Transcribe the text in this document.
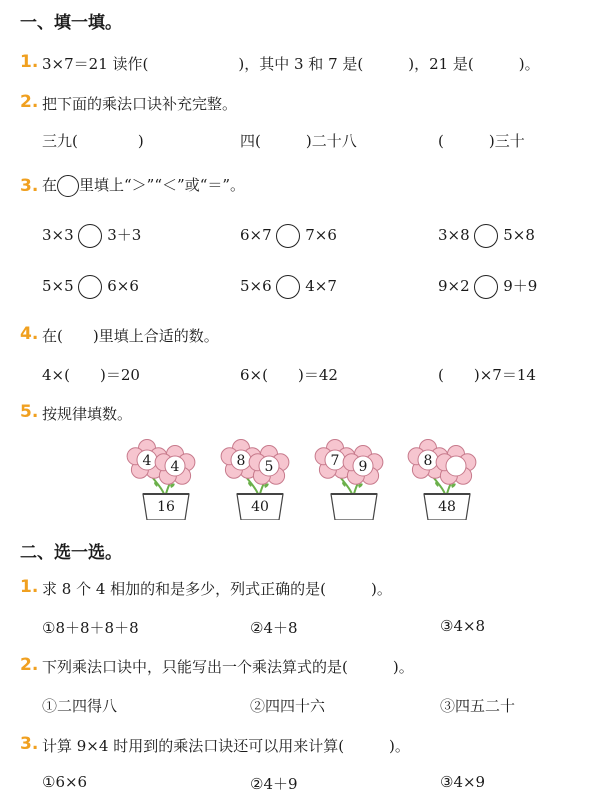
一、填一填。
1. 3×7＝21 读作(　　　　　　)，其中 3 和 7 是(　　　)，21 是(　　　)。
2. 把下面的乘法口诀补充完整。
三九(　　　　)	四(　　　)二十八	(　　　)三十
3. 在 里填上“＞”“＜”或“＝”。
3×3 3＋3	6×7 7×6	3×8 5×8
5×5 6×6	5×6 4×7	9×2 9＋9
4. 在(　　)里填上合适的数。
4×(　　)＝20	6×(　　)＝42	(　　)×7＝14
5. 按规律填数。
4 4
16
8 5
40
7 9	8
48
二、选一选。
1. 求 8 个 4 相加的和是多少，列式正确的是(　　　)。
①8＋8＋8＋8	②4＋8	③4×8
2. 下列乘法口诀中，只能写出一个乘法算式的是(　　　)。
①二四得八	②四四十六	③四五二十
3. 计算 9×4 时用到的乘法口诀还可以用来计算(　　　)。
①6×6	②4＋9	③4×9
